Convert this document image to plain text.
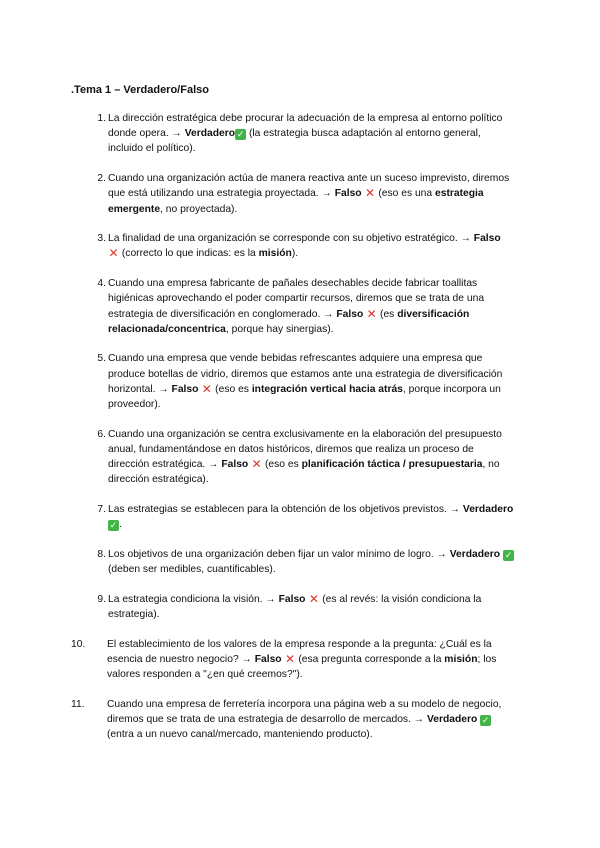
.Tema 1 – Verdadero/Falso
1. La dirección estratégica debe procurar la adecuación de la empresa al entorno político donde opera. → Verdadero ✓ (la estrategia busca adaptación al entorno general, incluido el político).
2. Cuando una organización actúa de manera reactiva ante un suceso imprevisto, diremos que está utilizando una estrategia proyectada. → Falso ✕ (eso es una estrategia emergente, no proyectada).
3. La finalidad de una organización se corresponde con su objetivo estratégico. → Falso ✕ (correcto lo que indicas: es la misión).
4. Cuando una empresa fabricante de pañales desechables decide fabricar toallitas higiénicas aprovechando el poder compartir recursos, diremos que se trata de una estrategia de diversificación en conglomerado. → Falso ✕ (es diversificación relacionada/concentrica, porque hay sinergias).
5. Cuando una empresa que vende bebidas refrescantes adquiere una empresa que produce botellas de vidrio, diremos que estamos ante una estrategia de diversificación horizontal. → Falso ✕ (eso es integración vertical hacia atrás, porque incorpora un proveedor).
6. Cuando una organización se centra exclusivamente en la elaboración del presupuesto anual, fundamentándose en datos históricos, diremos que realiza un proceso de dirección estratégica. → Falso ✕ (eso es planificación táctica / presupuestaria, no dirección estratégica).
7. Las estrategias se establecen para la obtención de los objetivos previstos. → Verdadero ✓ .
8. Los objetivos de una organización deben fijar un valor mínimo de logro. → Verdadero ✓ (deben ser medibles, cuantificables).
9. La estrategia condiciona la visión. → Falso ✕ (es al revés: la visión condiciona la estrategia).
10.	El establecimiento de los valores de la empresa responde a la pregunta: ¿Cuál es la esencia de nuestro negocio? → Falso ✕ (esa pregunta corresponde a la misión; los valores responden a "¿en qué creemos?").
11.	Cuando una empresa de ferretería incorpora una página web a su modelo de negocio, diremos que se trata de una estrategia de desarrollo de mercados. → Verdadero ✓ (entra a un nuevo canal/mercado, manteniendo producto).
